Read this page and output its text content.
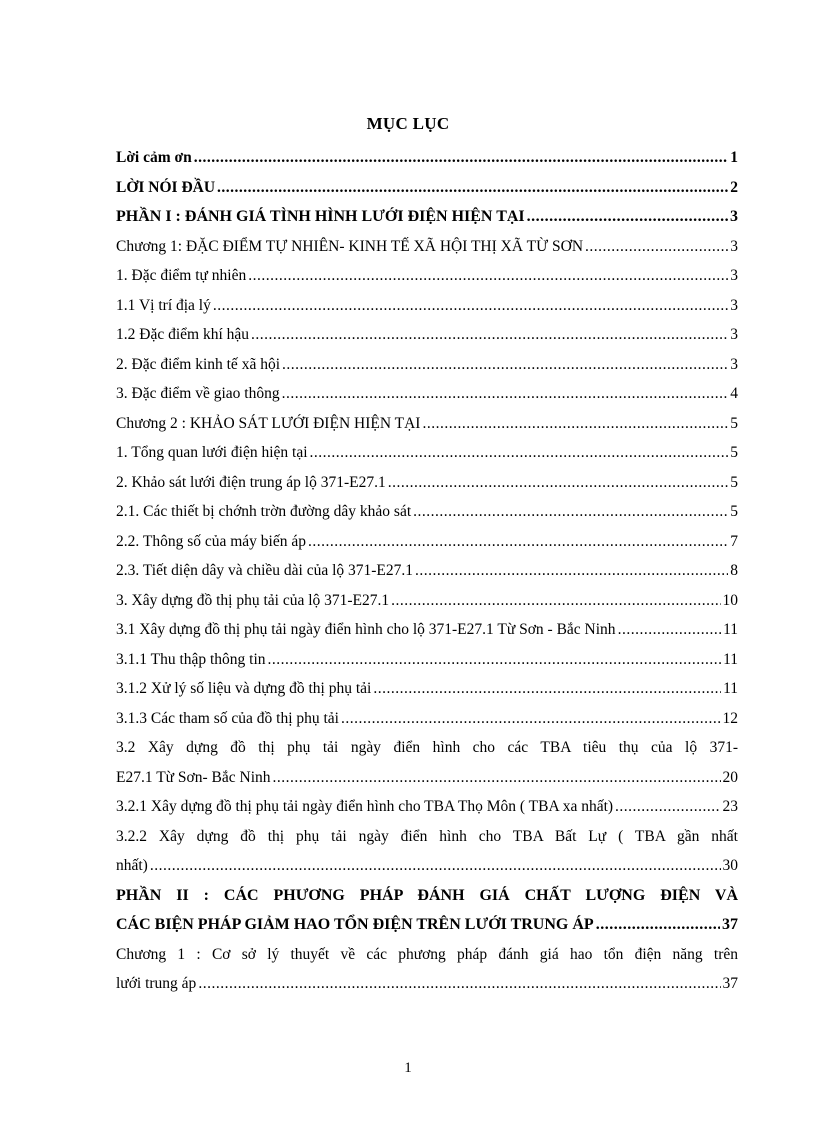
MỤC LỤC
Lời cảm ơn .....	1
LỜI NÓI ĐẦU .....	2
PHẦN I : ĐÁNH GIÁ TÌNH HÌNH LƯỚI ĐIỆN HIỆN TẠI .....	3
Chương 1: ĐẶC ĐIỂM TỰ NHIÊN- KINH TẾ XÃ HỘI THỊ XÃ TỪ SƠN .....	3
1. Đặc điểm tự nhiên .....	3
1.1 Vị trí địa lý .....	3
1.2 Đặc điểm khí hậu .....	3
2. Đặc điểm kinh tế xã hội .....	3
3. Đặc điểm về giao thông .....	4
Chương 2 : KHẢO SÁT LƯỚI ĐIỆN HIỆN TẠI .....	5
1. Tổng quan lưới điện hiện tại .....	5
2. Khảo sát lưới điện trung áp lộ 371-E27.1 .....	5
2.1. Các thiết bị chớnh trờn đường dây khảo sát .....	5
2.2. Thông số của máy biến áp .....	7
2.3. Tiết diện dây và chiều dài của lộ 371-E27.1 .....	8
3. Xây dựng đồ thị phụ tải của lộ 371-E27.1 .....	10
3.1 Xây dựng đồ thị phụ tải ngày điển hình cho lộ 371-E27.1 Từ Sơn - Bắc Ninh .....	11
3.1.1 Thu thập thông tin .....	11
3.1.2 Xử lý số liệu và dựng đồ thị phụ tải .....	11
3.1.3 Các tham số của đồ thị phụ tải .....	12
3.2 Xây dựng đồ thị phụ tải ngày điển hình cho các TBA tiêu thụ của lộ 371-
E27.1 Từ Sơn- Bắc Ninh .....	20
3.2.1 Xây dựng đồ thị phụ tải ngày điển hình cho TBA Thọ Môn ( TBA xa nhất) .....	23
3.2.2 Xây dựng đồ thị phụ tải ngày điển hình cho TBA Bất Lự ( TBA gần nhất
nhất) .....	30
PHẦN II : CÁC PHƯƠNG PHÁP ĐÁNH GIÁ CHẤT LƯỢNG ĐIỆN VÀ
CÁC BIỆN PHÁP GIẢM HAO TỔN ĐIỆN TRÊN LƯỚI TRUNG ÁP .....	37
Chương 1 : Cơ sở lý thuyết về các phương pháp đánh giá hao tổn điện năng trên
lưới trung áp .....	37
1
